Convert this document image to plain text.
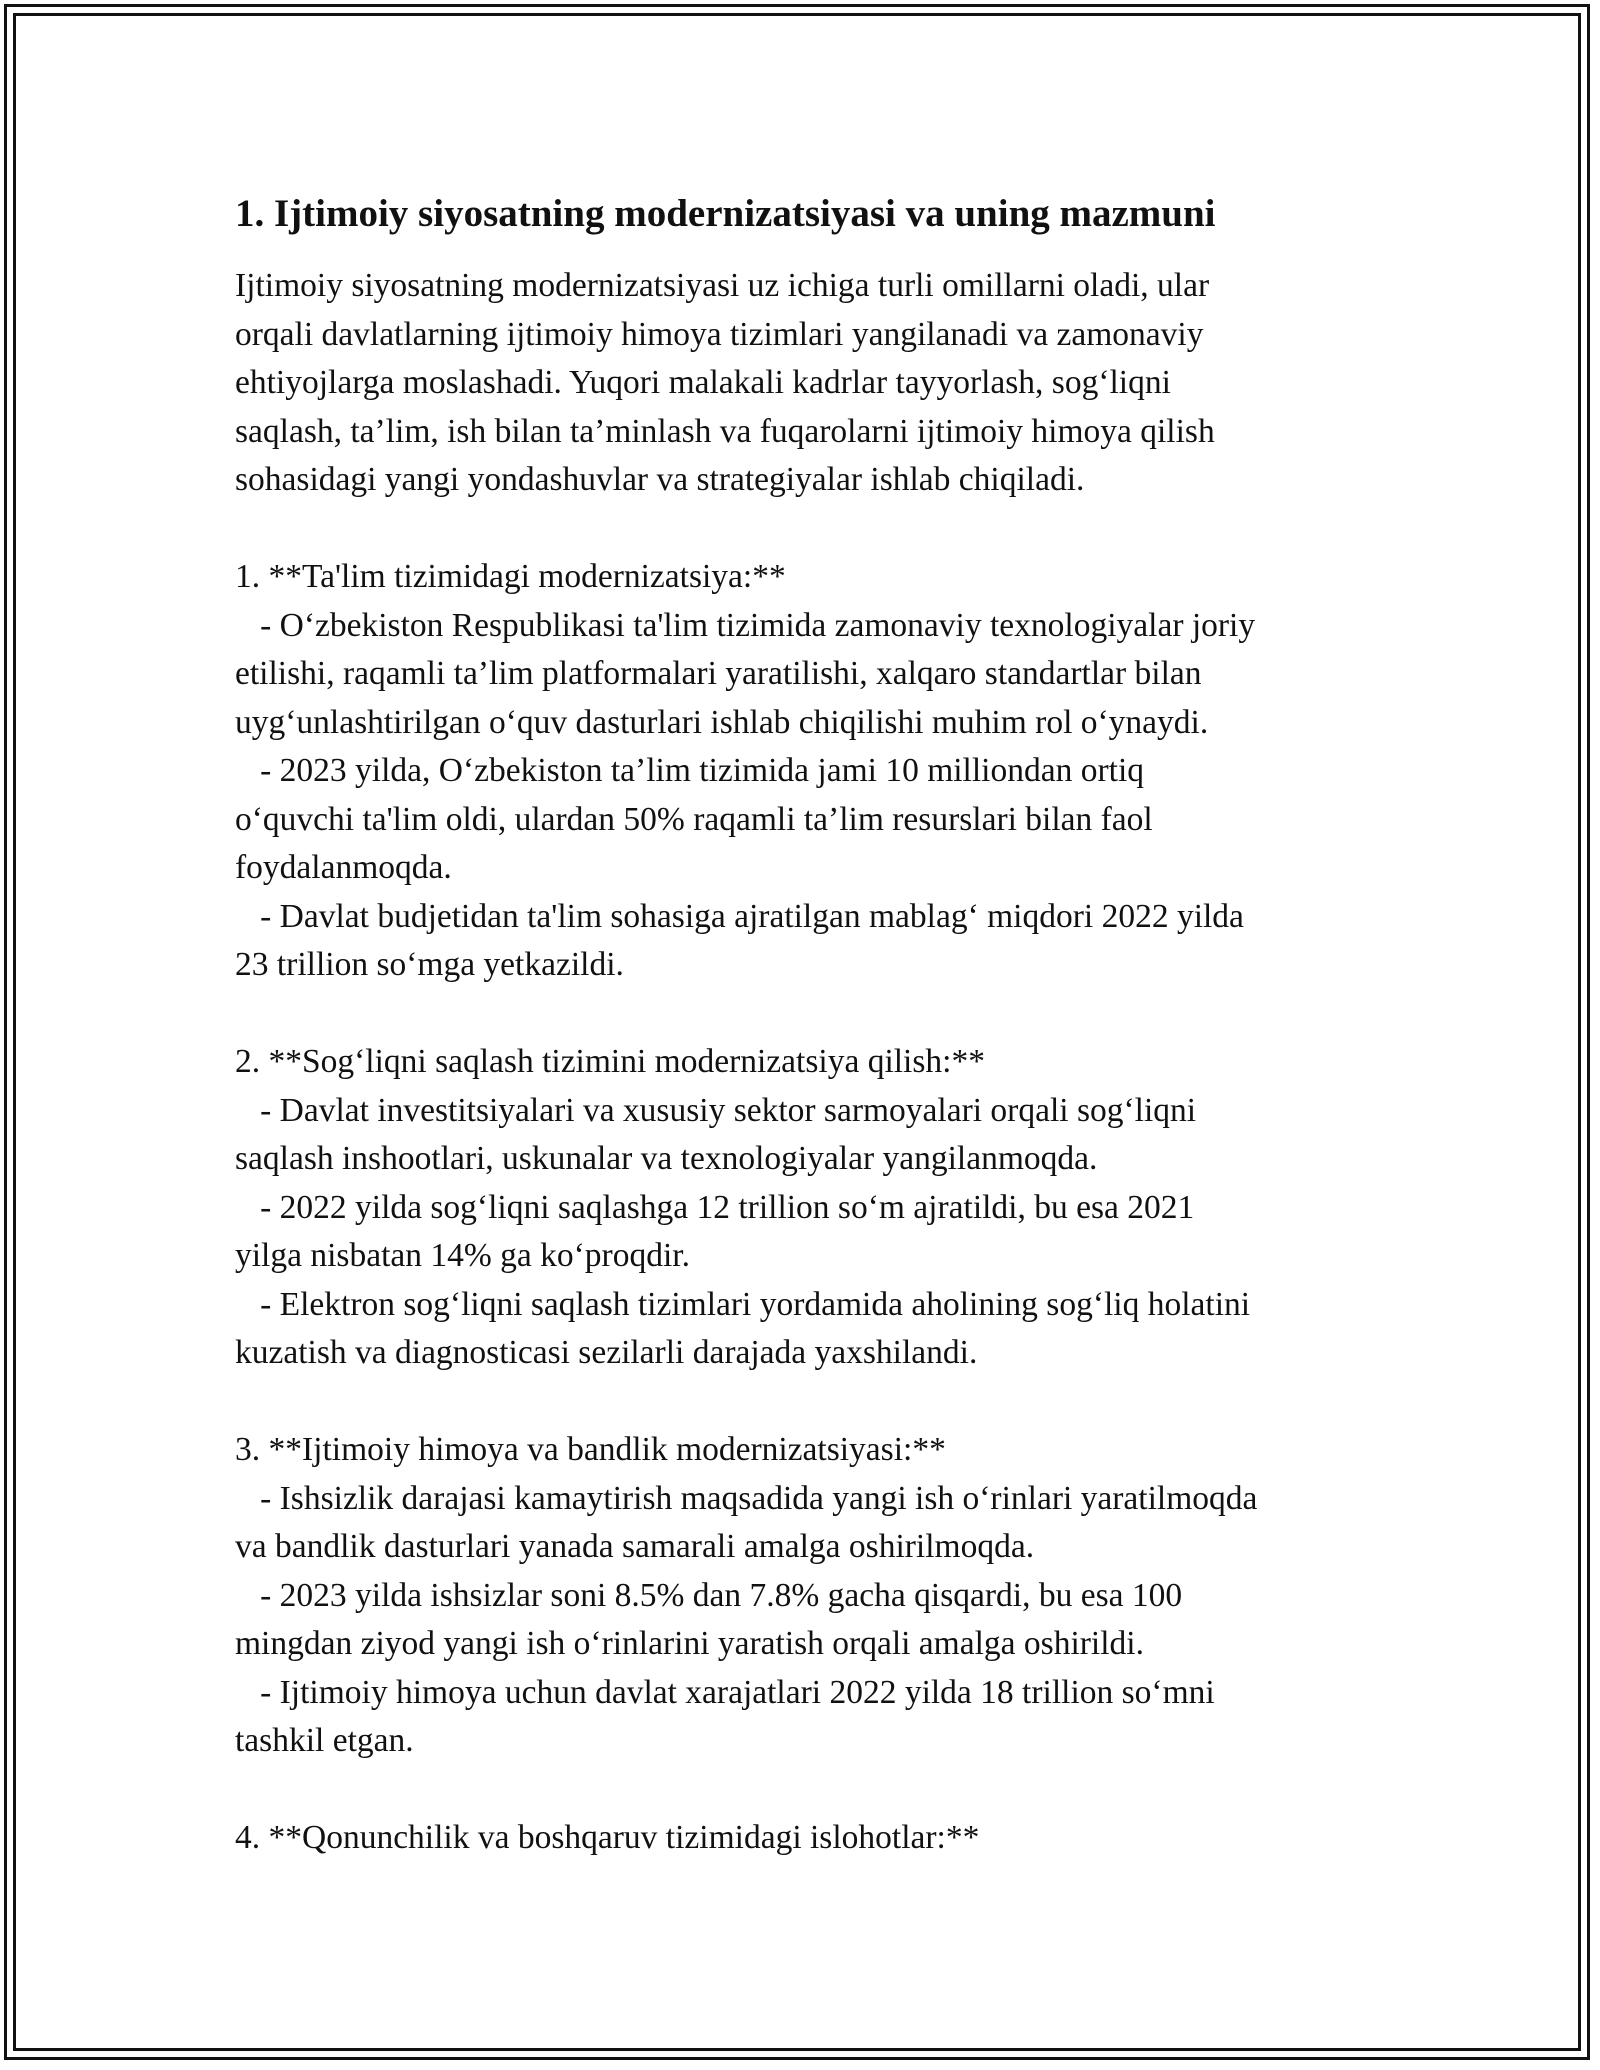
1. Ijtimoiy siyosatning modernizatsiyasi va uning mazmuni

Ijtimoiy siyosatning modernizatsiyasi uz ichiga turli omillarni oladi, ular
orqali davlatlarning ijtimoiy himoya tizimlari yangilanadi va zamonaviy
ehtiyojlarga moslashadi. Yuqori malakali kadrlar tayyorlash, sog‘liqni
saqlash, ta’lim, ish bilan ta’minlash va fuqarolarni ijtimoiy himoya qilish
sohasidagi yangi yondashuvlar va strategiyalar ishlab chiqiladi.

1. **Ta'lim tizimidagi modernizatsiya:**
- O‘zbekiston Respublikasi ta'lim tizimida zamonaviy texnologiyalar joriy
etilishi, raqamli ta’lim platformalari yaratilishi, xalqaro standartlar bilan
uyg‘unlashtirilgan o‘quv dasturlari ishlab chiqilishi muhim rol o‘ynaydi.
- 2023 yilda, O‘zbekiston ta’lim tizimida jami 10 milliondan ortiq
o‘quvchi ta'lim oldi, ulardan 50% raqamli ta’lim resurslari bilan faol
foydalanmoqda.
- Davlat budjetidan ta'lim sohasiga ajratilgan mablag‘ miqdori 2022 yilda
23 trillion so‘mga yetkazildi.

2. **Sog‘liqni saqlash tizimini modernizatsiya qilish:**
- Davlat investitsiyalari va xususiy sektor sarmoyalari orqali sog‘liqni
saqlash inshootlari, uskunalar va texnologiyalar yangilanmoqda.
- 2022 yilda sog‘liqni saqlashga 12 trillion so‘m ajratildi, bu esa 2021
yilga nisbatan 14% ga ko‘proqdir.
- Elektron sog‘liqni saqlash tizimlari yordamida aholining sog‘liq holatini
kuzatish va diagnosticasi sezilarli darajada yaxshilandi.

3. **Ijtimoiy himoya va bandlik modernizatsiyasi:**
- Ishsizlik darajasi kamaytirish maqsadida yangi ish o‘rinlari yaratilmoqda
va bandlik dasturlari yanada samarali amalga oshirilmoqda.
- 2023 yilda ishsizlar soni 8.5% dan 7.8% gacha qisqardi, bu esa 100
mingdan ziyod yangi ish o‘rinlarini yaratish orqali amalga oshirildi.
- Ijtimoiy himoya uchun davlat xarajatlari 2022 yilda 18 trillion so‘mni
tashkil etgan.

4. **Qonunchilik va boshqaruv tizimidagi islohotlar:**
